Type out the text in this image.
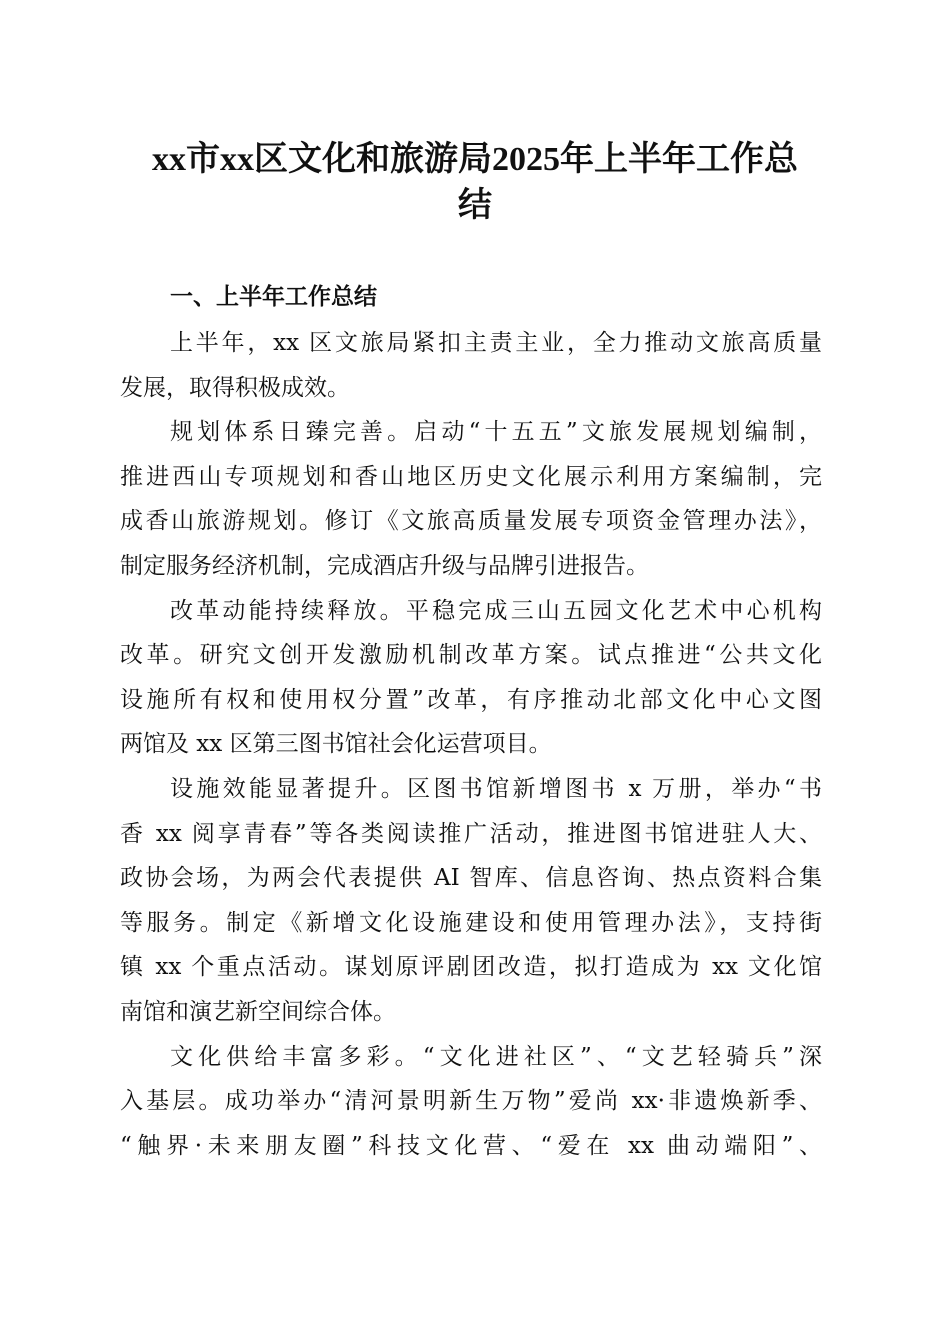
xx市xx区文化和旅游局2025年上半年工作总
结
一、上半年工作总结
上半年，xx 区文旅局紧扣主责主业，全力推动文旅高质量
发展，取得积极成效。
规划体系日臻完善。启动“十五五”文旅发展规划编制，
推进西山专项规划和香山地区历史文化展示利用方案编制，完
成香山旅游规划。修订《文旅高质量发展专项资金管理办法》，
制定服务经济机制，完成酒店升级与品牌引进报告。
改革动能持续释放。平稳完成三山五园文化艺术中心机构
改革。研究文创开发激励机制改革方案。试点推进“公共文化
设施所有权和使用权分置”改革，有序推动北部文化中心文图
两馆及 xx 区第三图书馆社会化运营项目。
设施效能显著提升。区图书馆新增图书 x 万册，举办“书
香 xx 阅享青春”等各类阅读推广活动，推进图书馆进驻人大、
政协会场，为两会代表提供 AI 智库、信息咨询、热点资料合集
等服务。制定《新增文化设施建设和使用管理办法》，支持街
镇 xx 个重点活动。谋划原评剧团改造，拟打造成为 xx 文化馆
南馆和演艺新空间综合体。
文化供给丰富多彩。“文化进社区”、“文艺轻骑兵”深
入基层。成功举办“清河景明新生万物”爱尚 xx·非遗焕新季、
“触界·未来朋友圈”科技文化营、“爱在 xx 曲动端阳”、
